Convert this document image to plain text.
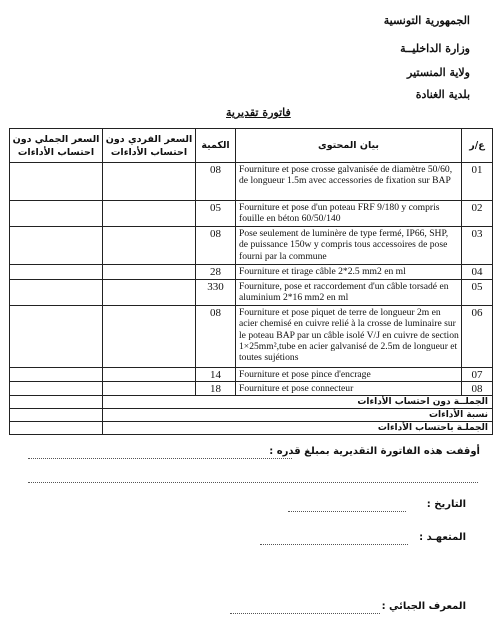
الجمهورية التونسية
وزارة الداخليــة
ولاية المنستير
بلدية الغنادة
فاتورة تقديرية
السعر الجملي دون احتساب الأداءات	السعر الفردي دون احتساب الأداءات	الكمية	بيان المحتوى	ع/ر
		08	Fourniture et pose crosse galvanisée de diamètre 50/60, de longueur 1.5m avec accessories de fixation sur BAP	01
		05	Fourniture et pose d'un poteau FRF 9/180 y compris fouille en béton 60/50/140	02
		08	Pose seulement de luminère de type fermé, IP66, SHP, de puissance 150w y compris tous accessoires de pose fourni par la commune	03
		28	Fourniture et tirage câble 2*2.5 mm2 en ml	04
		330	Fourniture, pose et raccordement d'un câble torsadé en aluminium 2*16 mm2 en ml	05
		08	Fourniture et pose piquet de terre de longueur 2m en acier chemisé en cuivre relié à la crosse de luminaire sur le poteau BAP par un câble isolé V/J en cuivre de section 1×25mm²,tube en acier galvanisé de 2.5m de longueur et toutes sujétions	06
		14	Fourniture et pose pince d'encrage	07
		18	Fourniture et pose connecteur	08
	الجملــة دون احتساب الأداءات			
	نسبة الأداءات			
	الجملـة باحتساب الأداءات			
أوقفت هذه الفاتورة التقديرية بمبلغ قدره :
التاريخ :
المتعهـد :
المعرف الجبائي :
